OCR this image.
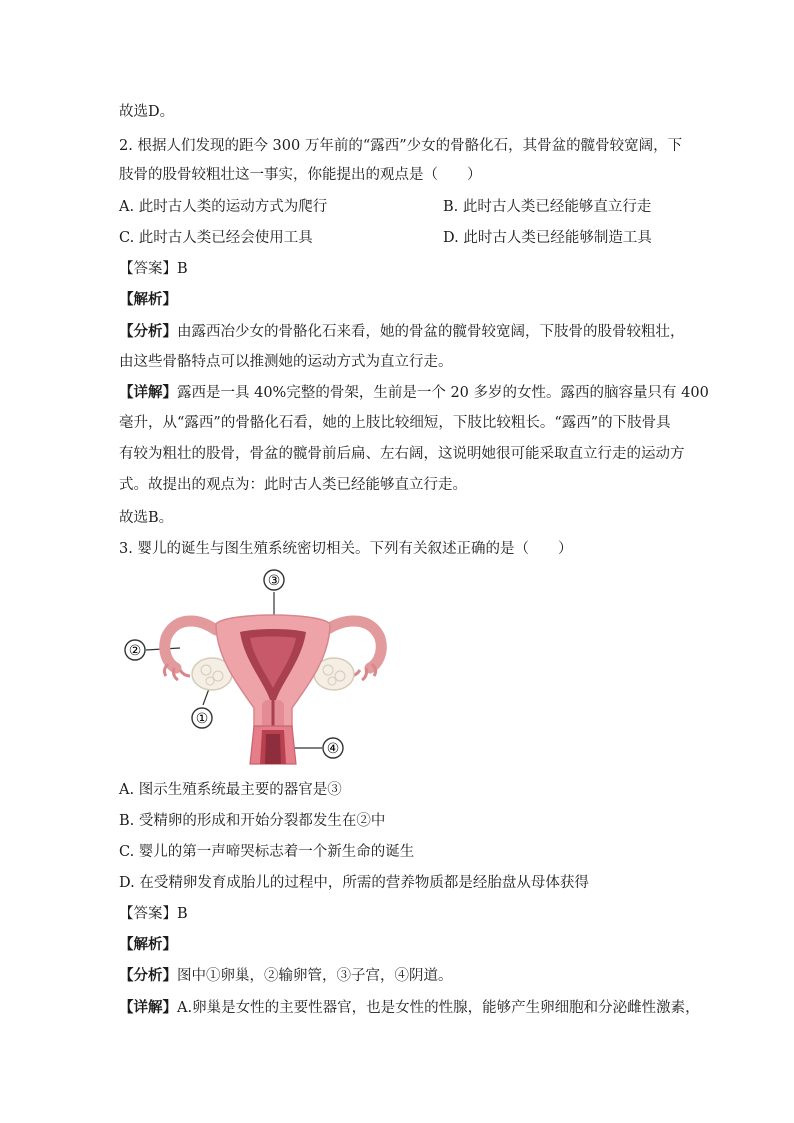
故选D。
2. 根据人们发现的距今 300 万年前的“露西”少女的骨骼化石，其骨盆的髋骨较宽阔，下
肢骨的股骨较粗壮这一事实，你能提出的观点是（　　）
A. 此时古人类的运动方式为爬行	B. 此时古人类已经能够直立行走
C. 此时古人类已经会使用工具	D. 此时古人类已经能够制造工具
【答案】B
【解析】
【分析】由露西冶少女的骨骼化石来看，她的骨盆的髋骨较宽阔，下肢骨的股骨较粗壮，
由这些骨骼特点可以推测她的运动方式为直立行走。
【详解】露西是一具 40%完整的骨架，生前是一个 20 多岁的女性。露西的脑容量只有 400
毫升，从“露西”的骨骼化石看，她的上肢比较细短，下肢比较粗长。“露西”的下肢骨具
有较为粗壮的股骨，骨盆的髋骨前后扁、左右阔，这说明她很可能采取直立行走的运动方
式。故提出的观点为：此时古人类已经能够直立行走。
故选B。
3. 婴儿的诞生与图生殖系统密切相关。下列有关叙述正确的是（　　）
③
②
①
④
A. 图示生殖系统最主要的器官是③
B. 受精卵的形成和开始分裂都发生在②中
C. 婴儿的第一声啼哭标志着一个新生命的诞生
D. 在受精卵发育成胎儿的过程中，所需的营养物质都是经胎盘从母体获得
【答案】B
【解析】
【分析】图中①卵巢，②输卵管，③子宫，④阴道。
【详解】A.卵巢是女性的主要性器官，也是女性的性腺，能够产生卵细胞和分泌雌性激素，
